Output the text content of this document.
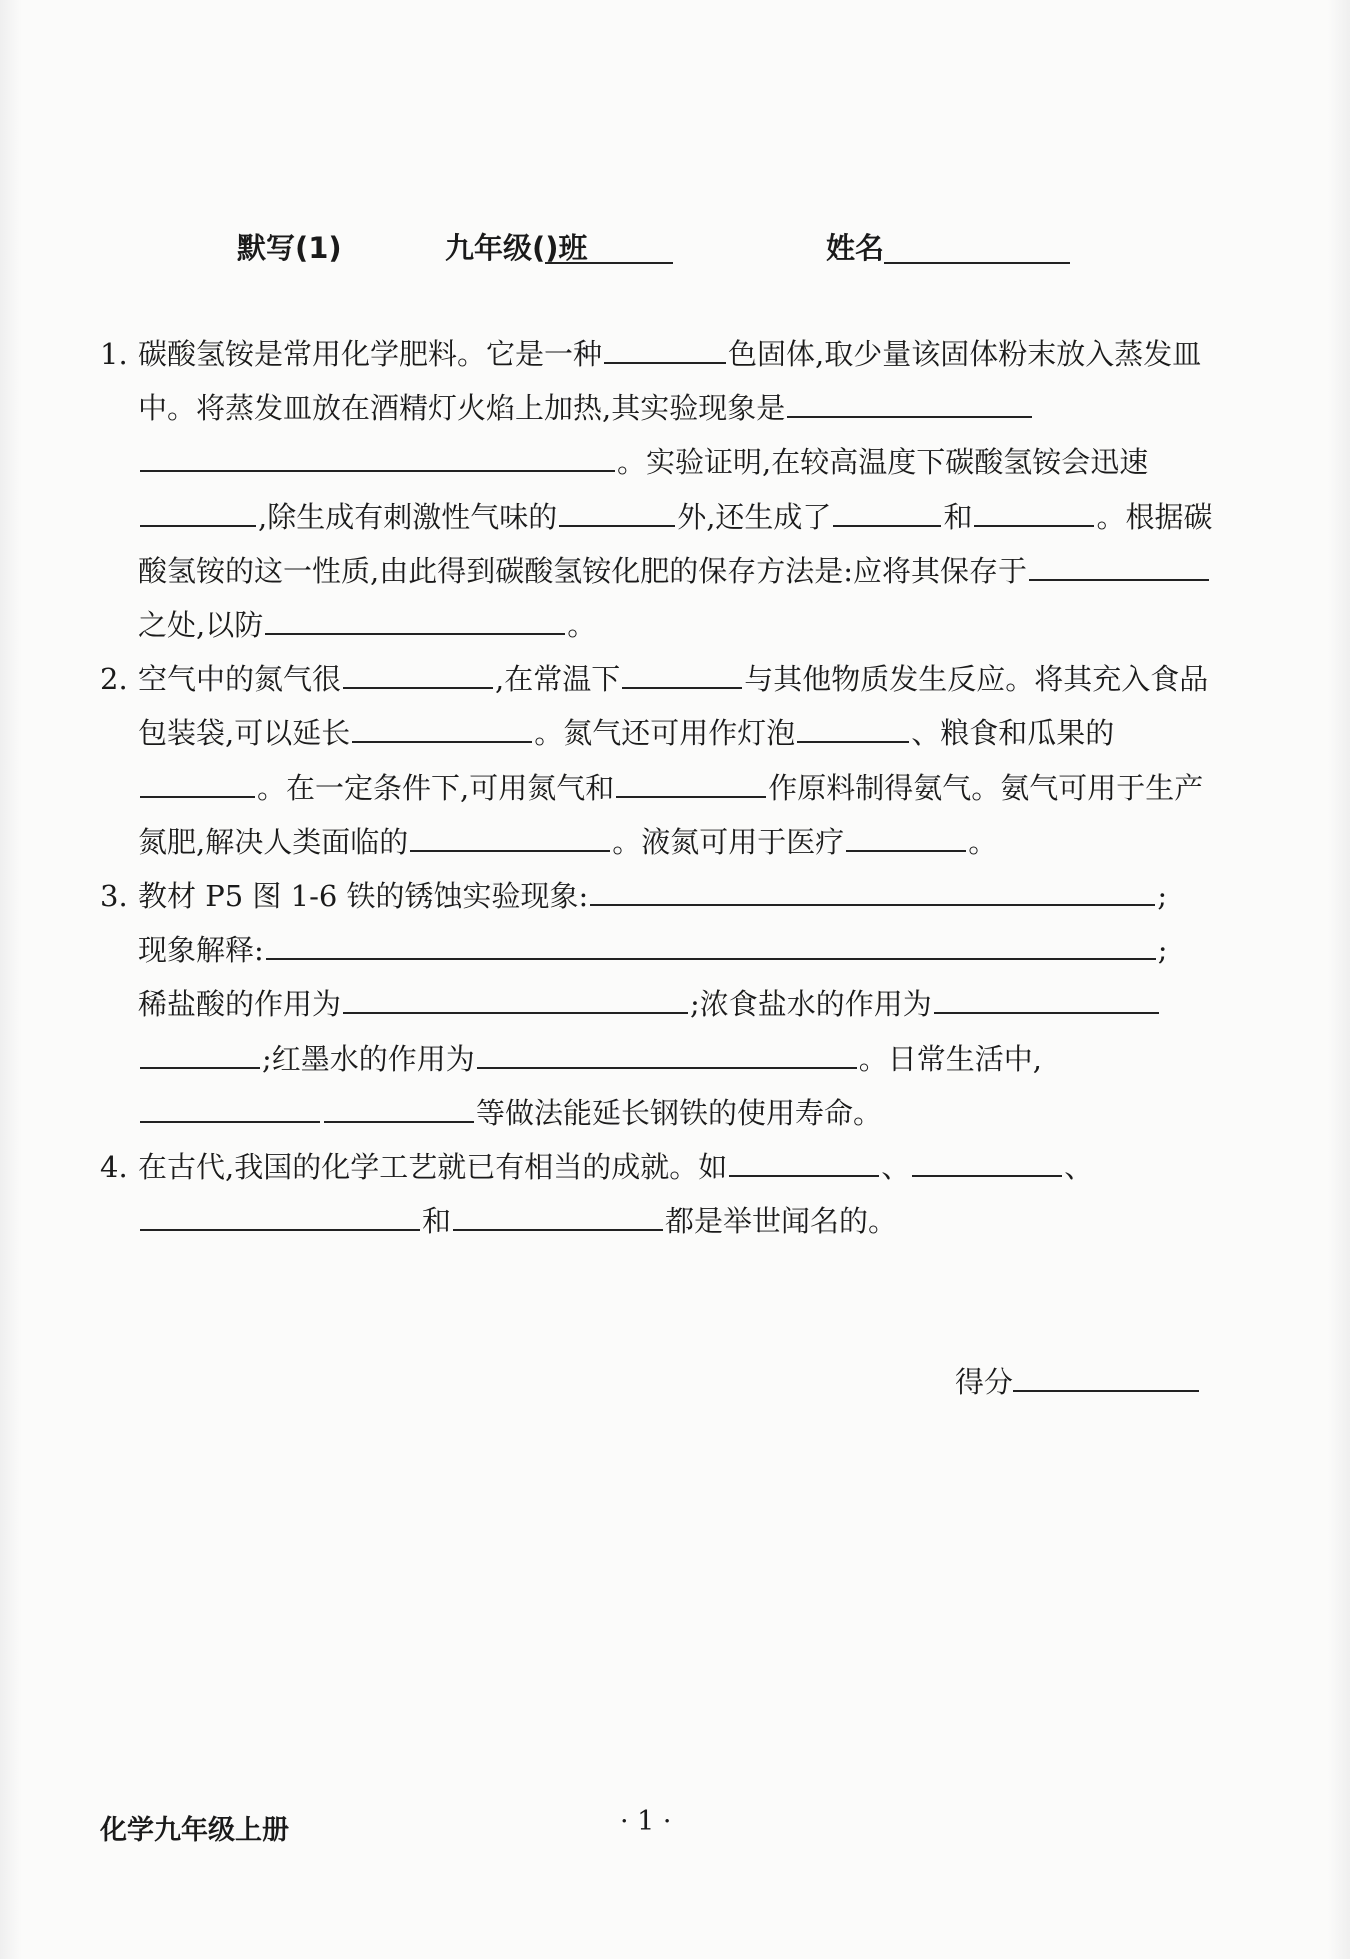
默写(1)	九年级(
)班	姓名

1. 碳酸氢铵是常用化学肥料。它是一种	色固体,取少量该固体粉末放入蒸发皿中。将蒸发皿放在酒精灯火焰上加热,其实验现象是。实验证明,在较高温度下碳酸氢铵会迅速,除生成有刺激性气味的	外,还生成了	和	。根据碳酸氢铵的这一性质,由此得到碳酸氢铵化肥的保存方法是:应将其保存于之处,以防	。

2. 空气中的氮气很	,在常温下	与其他物质发生反应。将其充入食品包装袋,可以延长	。氮气还可用作灯泡	、粮食和瓜果的。在一定条件下,可用氮气和	作原料制得氨气。氨气可用于生产氮肥,解决人类面临的	。液氮可用于医疗	。

3. 教材 P5 图 1-6 铁的锈蚀实验现象:	;
现象解释:	;
稀盐酸的作用为	;浓食盐水的作用为;红墨水的作用为	。日常生活中,等做法能延长钢铁的使用寿命。

4. 在古代,我国的化学工艺就已有相当的成就。如	、	、和	都是举世闻名的。

得分
化学九年级上册	· 1 ·
